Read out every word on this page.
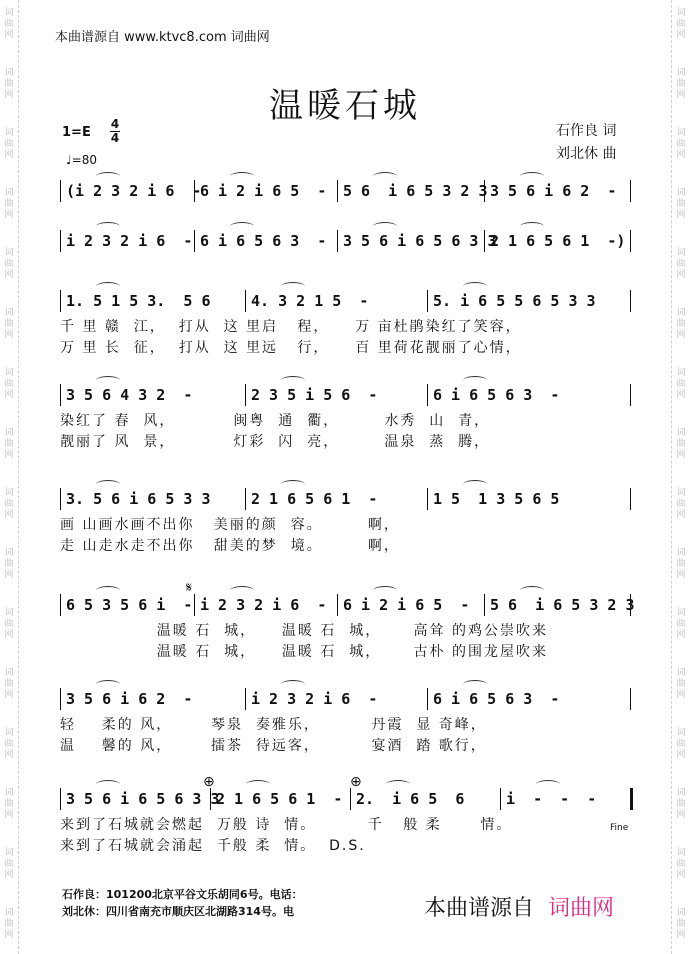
词
曲
网
词
曲
网
词
曲
网
词
曲
网
词
曲
网
词
曲
网
词
曲
网
词
曲
网
词
曲
网
词
曲
网
词
曲
网
词
曲
网
词
曲
网
词
曲
网
词
曲
网
词
曲
网
词
曲
网
词
曲
网
词
曲
网
词
曲
网
词
曲
网
词
曲
网
词
曲
网
词
曲
网
词
曲
网
词
曲
网
词
曲
网
词
曲
网
词
曲
网
词
曲
网
词
曲
网
词
曲
网
本曲谱源自 www.ktvc8.com 词曲网
温暖石城
1=E
4
4
♩=80
石作良 词
刘北休 曲
(i 2 3 2 i 6  -
6 i 2 i 6 5  - 5 6  i 6 5 3 2 3 3 5 6 i 6 2  -
i 2 3 2 i 6  - 6 i 6 5 6 3  - 3 5 6 i 6 5 6 3 3
2 1 6 5 6 1  -)
1. 5 1 5 3.  5 6	4. 3 2 1 5  -	5. i 6 5 5 6 5 3 3
千 里 赣  江，  打从  这 里启   程，    万 亩杜鹃染红了笑容，
万 里 长  征，  打从  这 里远   行，    百 里荷花靓丽了心情，
3 5 6 4 3 2  -	2 3 5 i 5 6  -	6 i 6 5 6 3  -
染红了 春  风，         闽粤  通  衢，       水秀  山  青，
靓丽了 风  景，         灯彩  闪  亮，       温泉  蒸  腾，
3. 5 6 i 6 5 3 3	2 1 6 5 6 1  -	1 5  1 3 5 6 5
画 山画水画不出你   美丽的颜  容。       啊，
走 山走水走不出你   甜美的梦  境。       啊，
6 5 3 5 6 i  - i 2 3 2 i 6  - 6 i 2 i 6 5  - 5 6  i 6 5 3 2 3
温暖 石  城，    温暖 石  城，     高耸 的鸡公崇吹来
温暖 石  城，    温暖 石  城，     古朴 的围龙屋吹来
3 5 6 i 6 2  -	i 2 3 2 i 6  -	6 i 6 5 6 3  -
轻    柔的 风，      琴泉  奏雅乐，        丹霞  显 奇峰，
温    馨的 风，      擂茶  待远客，        宴酒  踏 歌行，
3 5 6 i 6 5 6 3 3
2 1 6 5 6 1  - 2.  i 6 5  6	i  -  -  -
来到了石城就会燃起  万般 诗  情。        千   般 柔      情。
来到了石城就会涌起  千般 柔  情。  D.S.
𝄋
⊕	⊕
Fine
石作良：101200北京平谷文乐胡同6号。电话：
刘北休：四川省南充市顺庆区北湖路314号。电	本曲谱源自 词曲网
